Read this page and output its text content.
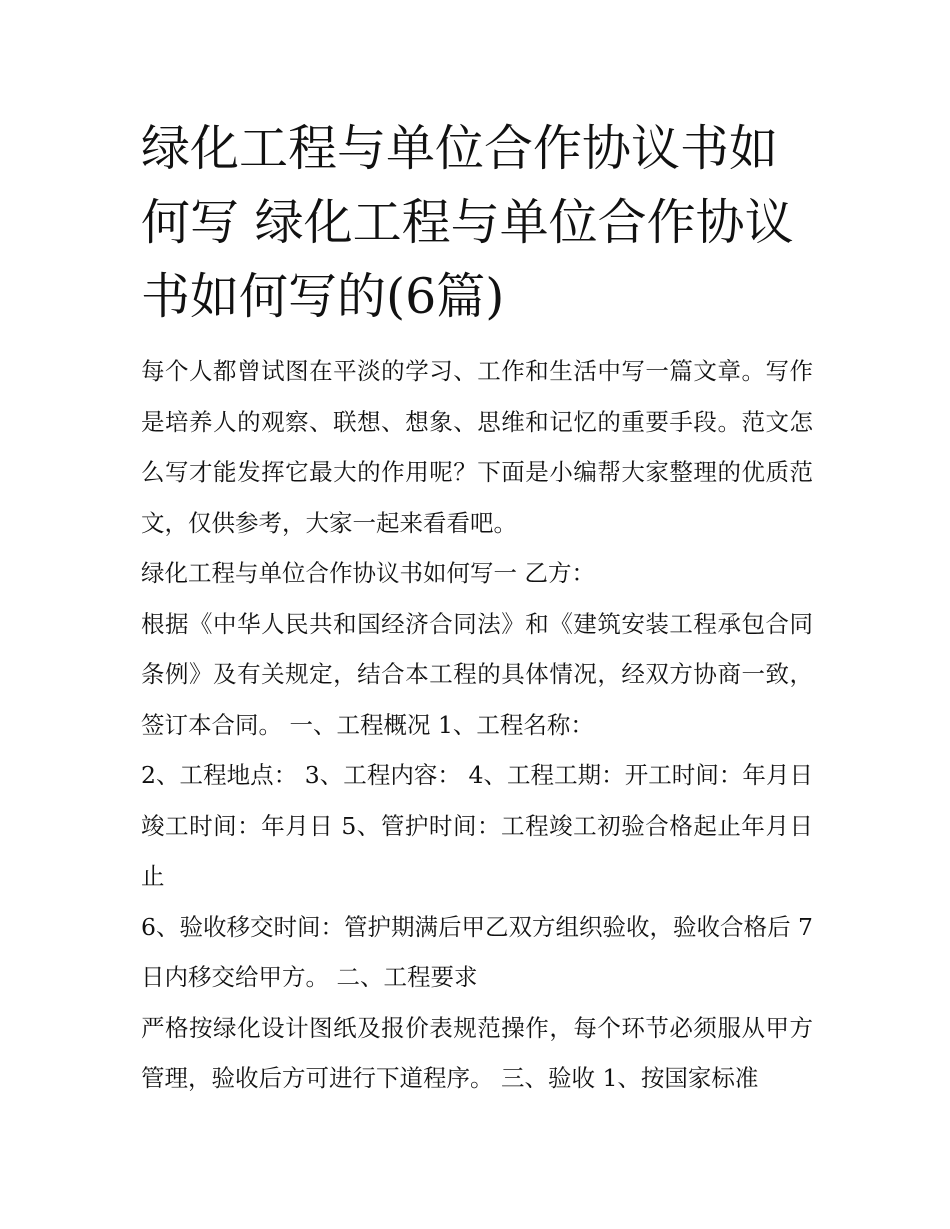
绿化工程与单位合作协议书如何写 绿化工程与单位合作协议书如何写的(6篇)

每个人都曾试图在平淡的学习、工作和生活中写一篇文章。写作是培养人的观察、联想、想象、思维和记忆的重要手段。范文怎么写才能发挥它最大的作用呢？下面是小编帮大家整理的优质范文，仅供参考，大家一起来看看吧。

绿化工程与单位合作协议书如何写一 乙方：

根据《中华人民共和国经济合同法》和《建筑安装工程承包合同条例》及有关规定，结合本工程的具体情况，经双方协商一致，签订本合同。 一、工程概况 1、工程名称：

2、工程地点： 3、工程内容： 4、工程工期：开工时间：年月日竣工时间：年月日 5、管护时间：工程竣工初验合格起止年月日止

6、验收移交时间：管护期满后甲乙双方组织验收，验收合格后 7 日内移交给甲方。 二、工程要求

严格按绿化设计图纸及报价表规范操作，每个环节必须服从甲方管理，验收后方可进行下道程序。 三、验收 1、按国家标准
